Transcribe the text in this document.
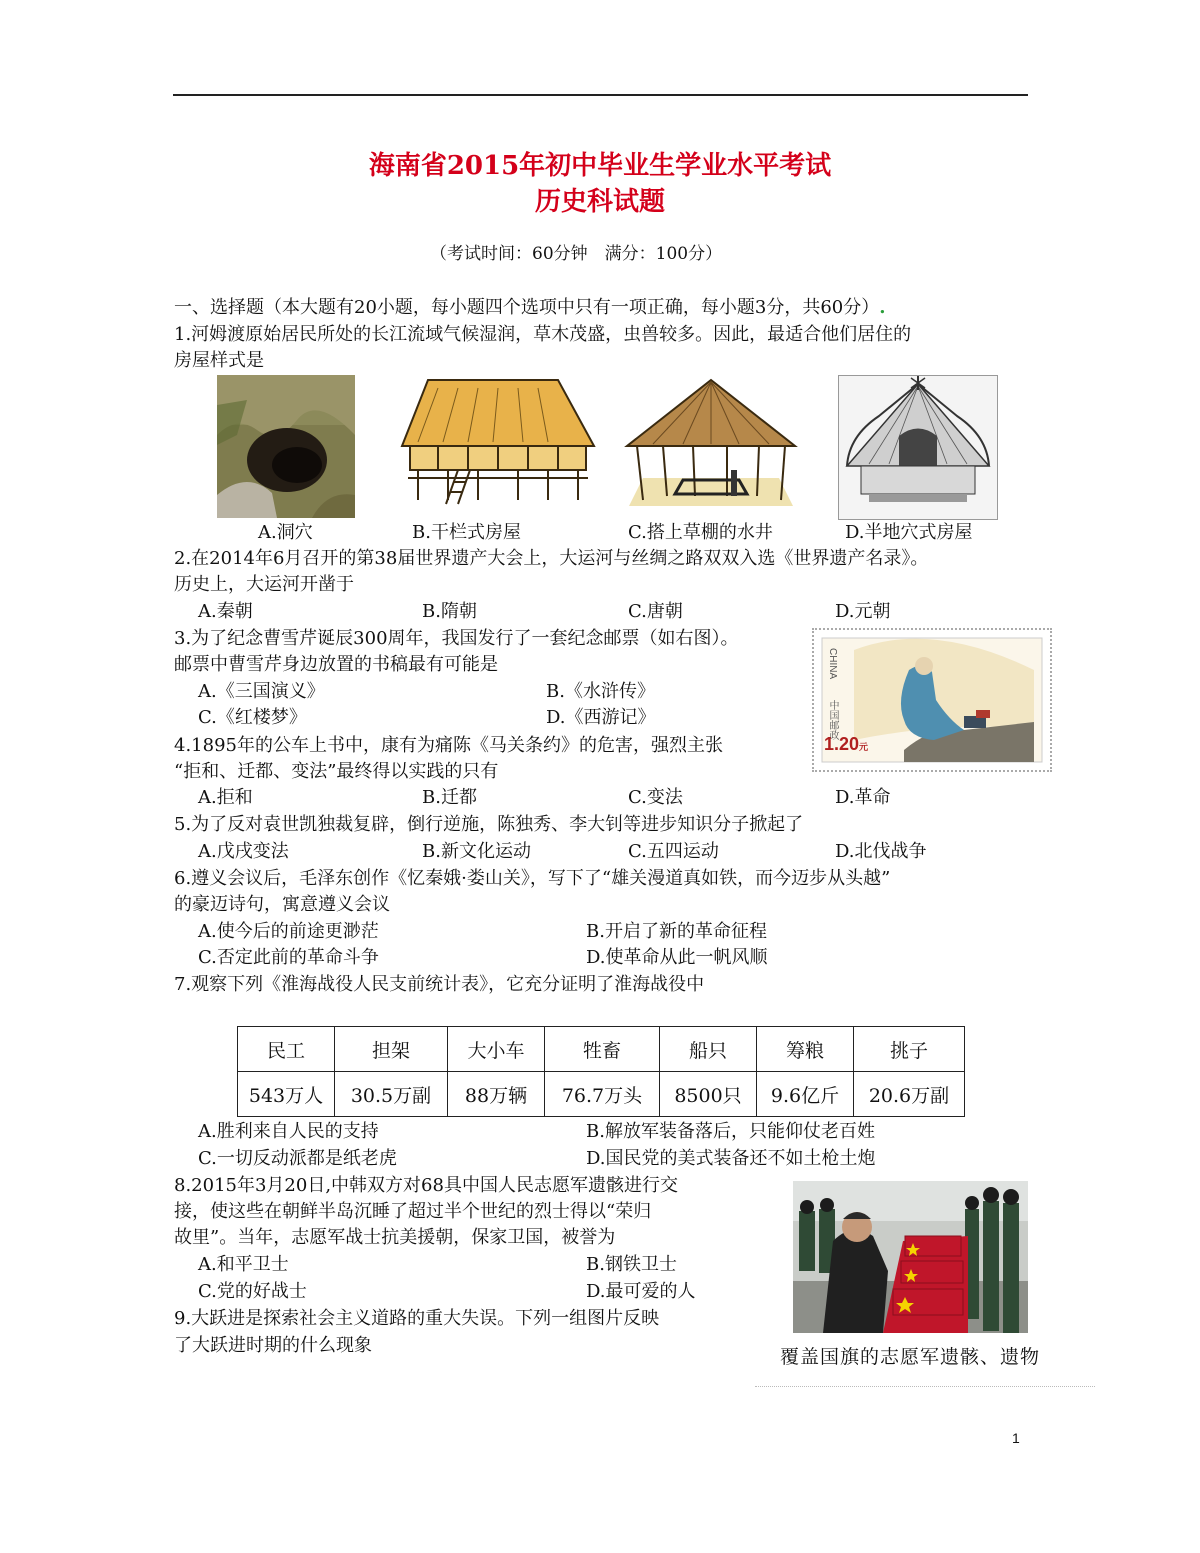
海南省2015年初中毕业生学业水平考试
历史科试题
（考试时间：60分钟　满分：100分）
一、选择题（本大题有20小题，每小题四个选项中只有一项正确，每小题3分，共60分）.
1.河姆渡原始居民所处的长江流域气候湿润，草木茂盛，虫兽较多。因此，最适合他们居住的
房屋样式是
A.洞穴	B.干栏式房屋	C.搭上草棚的水井	D.半地穴式房屋
2.在2014年6月召开的第38届世界遗产大会上，大运河与丝绸之路双双入选《世界遗产名录》。
历史上，大运河开凿于
A.秦朝	B.隋朝	C.唐朝	D.元朝
3.为了纪念曹雪芹诞辰300周年，我国发行了一套纪念邮票（如右图）。
邮票中曹雪芹身边放置的书稿最有可能是
A.《三国演义》	B.《水浒传》
C.《红楼梦》	D.《西游记》
CHINA
中国邮政
1.20元
4.1895年的公车上书中，康有为痛陈《马关条约》的危害，强烈主张
“拒和、迁都、变法”最终得以实践的只有
A.拒和	B.迁都	C.变法	D.革命
5.为了反对袁世凯独裁复辟，倒行逆施，陈独秀、李大钊等进步知识分子掀起了
A.戊戌变法	B.新文化运动	C.五四运动	D.北伐战争
6.遵义会议后，毛泽东创作《忆秦娥·娄山关》，写下了“雄关漫道真如铁，而今迈步从头越”
的豪迈诗句，寓意遵义会议
A.使今后的前途更渺茫	B.开启了新的革命征程
C.否定此前的革命斗争	D.使革命从此一帆风顺
7.观察下列《淮海战役人民支前统计表》，它充分证明了淮海战役中
民工	担架	大小车	牲畜	船只	筹粮	挑子
543万人	30.5万副	88万辆	76.7万头	8500只	9.6亿斤	20.6万副
A.胜利来自人民的支持	B.解放军装备落后，只能仰仗老百姓
C.一切反动派都是纸老虎	D.国民党的美式装备还不如土枪土炮
8.2015年3月20日,中韩双方对68具中国人民志愿军遗骸进行交
接，使这些在朝鲜半岛沉睡了超过半个世纪的烈士得以“荣归
故里”。当年，志愿军战士抗美援朝，保家卫国，被誉为
A.和平卫士	B.钢铁卫士
C.党的好战士	D.最可爱的人
覆盖国旗的志愿军遗骸、遗物
9.大跃进是探索社会主义道路的重大失误。下列一组图片反映
了大跃进时期的什么现象
1
